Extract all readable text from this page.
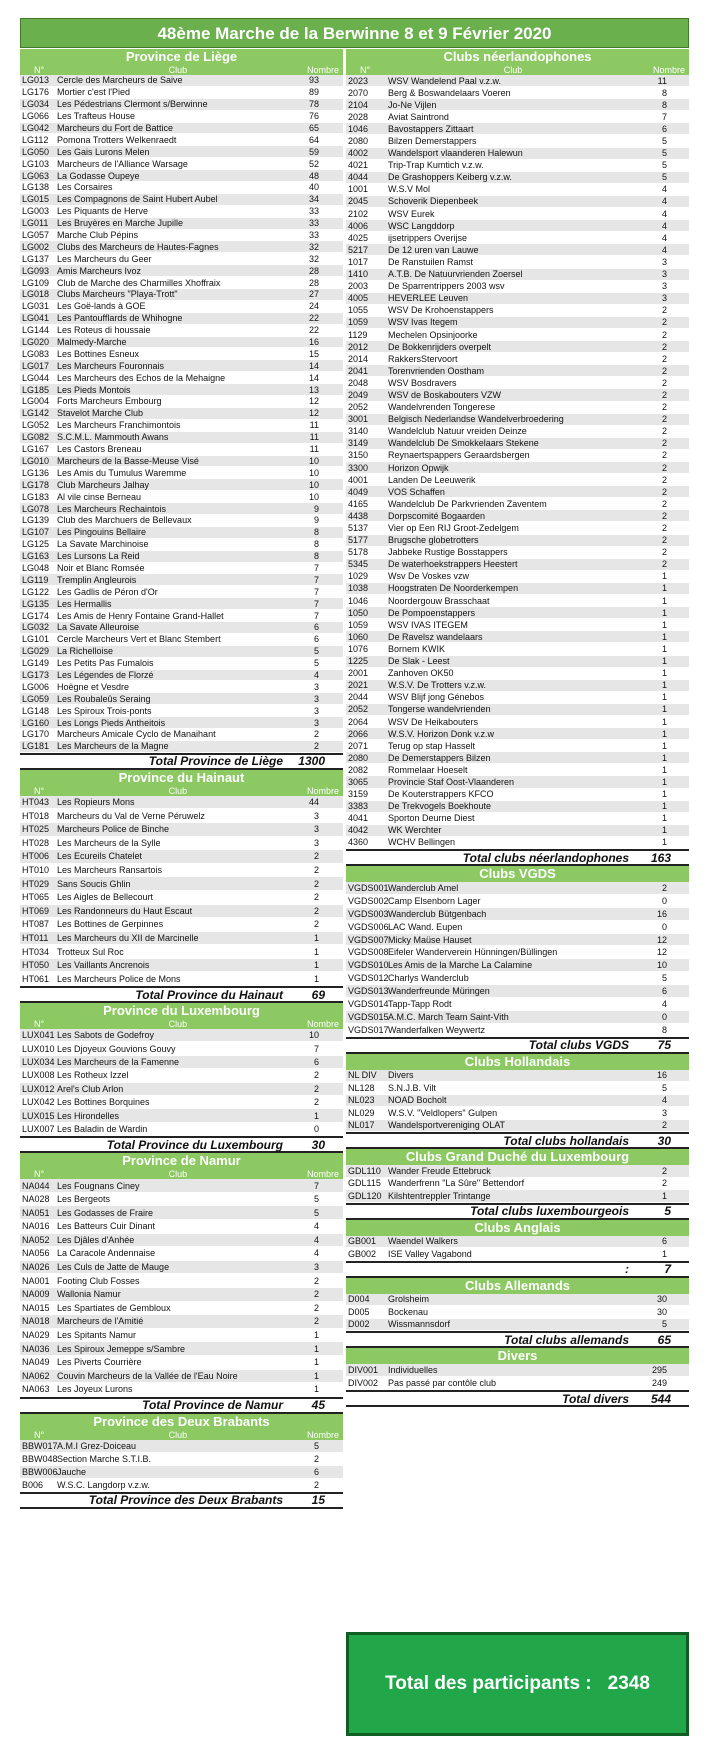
48ème Marche de la Berwinne 8 et 9 Février 2020
Province de Liège
N°	Club	Nombre
LG013 Cercle des Marcheurs de Saive	93
LG176 Mortier c'est l'Pied	89
LG034 Les Pédestrians Clermont s/Berwinne	78
LG066 Les Trafteus House	76
LG042 Marcheurs du Fort de Battice	65
LG112 Pomona Trotters Welkenraedt	64
LG050 Les Gais Lurons Melen	59
LG103 Marcheurs de l'Alliance Warsage	52
LG063 La Godasse Oupeye	48
LG138 Les Corsaires	40
LG015 Les Compagnons de Saint Hubert Aubel	34
LG003 Les Piquants de Herve	33
LG011 Les Bruyères en Marche Jupille	33
LG057 Marche Club Pépins	33
LG002 Clubs des Marcheurs de Hautes-Fagnes	32
LG137 Les Marcheurs du Geer	32
LG093 Amis Marcheurs Ivoz	28
LG109 Club de Marche des Charmilles Xhoffraix	28
LG018 Clubs Marcheurs "Playa-Trott"	27
LG031 Les Goë-lands à GOE	24
LG041 Les Pantoufflards de Whihogne	22
LG144 Les Roteus di houssaie	22
LG020 Malmedy-Marche	16
LG083 Les Bottines Esneux	15
LG017 Les Marcheurs Fouronnais	14
LG044 Les Marcheurs des Echos de la Mehaigne	14
LG185 Les Pieds Montois	13
LG004 Forts Marcheurs Embourg	12
LG142 Stavelot Marche Club	12
LG052 Les Marcheurs Franchimontois	11
LG082 S.C.M.L. Mammouth Awans	11
LG167 Les Castors Breneau	11
LG010 Marcheurs de la Basse-Meuse Visé	10
LG136 Les Amis du Tumulus Waremme	10
LG178 Club Marcheurs Jalhay	10
LG183 Al vile cinse Berneau	10
LG078 Les Marcheurs Rechaintois	9
LG139 Club des Marchuers de Bellevaux	9
LG107 Les Pingouins Bellaire	8
LG125 La Savate Marchinoise	8
LG163 Les Lursons La Reid	8
LG048 Noir et Blanc Romsée	7
LG119 Tremplin Angleurois	7
LG122 Les Gadlis de Péron d'Or	7
LG135 Les Hermallis	7
LG174 Les Amis de Henry Fontaine Grand-Hallet	7
LG032 La Savate Alleuroise	6
LG101 Cercle Marcheurs Vert et Blanc Stembert	6
LG029 La Richelloise	5
LG149 Les Petits Pas Fumalois	5
LG173 Les Légendes de Florzé	4
LG006 Hoëgne et Vesdre	3
LG059 Les Roubaleûs Seraing	3
LG148 Les Spiroux Trois-ponts	3
LG160 Les Longs Pieds Antheitois	3
LG170 Marcheurs Amicale Cyclo de Manaihant	2
LG181 Les Marcheurs de la Magne	2
Total Province de Liège 1300
Province du Hainaut
N°	Club	Nombre
HT043 Les Ropieurs Mons	44
HT018 Marcheurs du Val de Verne Péruwelz	3
HT025 Marcheurs Police de Binche	3
HT028 Les Marcheurs de la Sylle	3
HT006 Les Ecureils Chatelet	2
HT010 Les Marcheurs Ransartois	2
HT029 Sans Soucis Ghlin	2
HT065 Les Aigles de Bellecourt	2
HT069 Les Randonneurs du Haut Escaut	2
HT087 Les Bottines de Gerpinnes	2
HT011 Les Marcheurs du XII de Marcinelle	1
HT034 Trotteux Sul Roc	1
HT050 Les Vaillants Ancrenois	1
HT061 Les Marcheurs Police de Mons	1
Total Province du Hainaut 69
Province du Luxembourg
N°	Club	Nombre
LUX041 Les Sabots de Godefroy	10
LUX010 Les Djoyeux Gouvions Gouvy	7
LUX034 Les Marcheurs de la Famenne	6
LUX008 Les Rotheux Izzel	2
LUX012 Arel's Club Arlon	2
LUX042 Les Bottines Borquines	2
LUX015 Les Hirondelles	1
LUX007 Les Baladin de Wardin	0
Total Province du Luxembourg 30
Province de Namur
N°	Club	Nombre
NA044 Les Fougnans Ciney	7
NA028 Les Bergeots	5
NA051 Les Godasses de Fraire	5
NA016 Les Batteurs Cuir Dinant	4
NA052 Les Djâles d'Anhée	4
NA056 La Caracole Andennaise	4
NA026 Les Culs de Jatte de Mauge	3
NA001 Footing Club Fosses	2
NA009 Wallonia Namur	2
NA015 Les Spartiates de Gembloux	2
NA018 Marcheurs de l'Amitié	2
NA029 Les Spitants Namur	1
NA036 Les Spiroux Jemeppe s/Sambre	1
NA049 Les Piverts Courrière	1
NA062 Couvin Marcheurs de la Vallée de l'Eau Noire	1
NA063 Les Joyeux Lurons	1
Total Province de Namur 45
Province des Deux Brabants
N°	Club	Nombre
BBW017 A.M.I Grez-Doiceau	5
BBW048 Section Marche S.T.I.B.	2
BBW006 Jauche	6
B006 W.S.C. Langdorp v.z.w.	2
Total Province des Deux Brabants 15
Clubs néerlandophones
N°	Club	Nombre
2023 WSV Wandelend Paal v.z.w.	11
2070 Berg & Boswandelaars Voeren	8
2104 Jo-Ne Vijlen	8
2028 Aviat Saintrond	7
1046 Bavostappers Zittaart	6
2080 Bilzen Demerstappers	5
4002 Wandelsport vlaanderen Halewun	5
4021 Trip-Trap Kumtich v.z.w.	5
4044 De Grashoppers Keiberg v.z.w.	5
1001 W.S.V Mol	4
2045 Schoverik Diepenbeek	4
2102 WSV Eurek	4
4006 WSC Langddorp	4
4025 ijsetrippers Overijse	4
5217 De 12 uren van Lauwe	4
1017 De Ranstuilen Ramst	3
1410 A.T.B. De Natuurvrienden Zoersel	3
2003 De Sparrentrippers 2003 wsv	3
4005 HEVERLEE Leuven	3
1055 WSV De Krohoenstappers	2
1059 WSV Ivas Itegem	2
1129 Mechelen Opsinjoorke	2
2012 De Bokkenrijders overpelt	2
2014 RakkersStervoort	2
2041 Torenvrienden Oostham	2
2048 WSV Bosdravers	2
2049 WSV de Boskabouters VZW	2
2052 Wandelvrenden Tongerese	2
3001 Belgisch Nederlandse Wandelverbroedering	2
3140 Wandelclub Natuur vreiden Deinze	2
3149 Wandelclub De Smokkelaars Stekene	2
3150 Reynaertspappers Geraardsbergen	2
3300 Horizon Opwijk	2
4001 Landen De Leeuwerik	2
4049 VOS Schaffen	2
4165 Wandelclub De Parkvrienden Zaventem	2
4438 Dorpscomité Bogaarden	2
5137 Vier op Een RIJ Groot-Zedelgem	2
5177 Brugsche globetrotters	2
5178 Jabbeke Rustige Bosstappers	2
5345 De waterhoekstrappers Heestert	2
1029 Wsv De Voskes vzw	1
1038 Hoogstraten De Noorderkempen	1
1046 Noordergouw Brasschaat	1
1050 De Pompoenstappers	1
1059 WSV IVAS ITEGEM	1
1060 De Ravelsz wandelaars	1
1076 Bornem KWIK	1
1225 De Slak - Leest	1
2001 Zanhoven OK50	1
2021 W.S.V. De Trotters v.z.w.	1
2044 WSV Blijf jong Génebos	1
2052 Tongerse wandelvrienden	1
2064 WSV De Heikabouters	1
2066 W.S.V. Horizon Donk v.z.w	1
2071 Terug op stap Hasselt	1
2080 De Demerstappers Bilzen	1
2082 Rommelaar Hoeselt	1
3065 Provincie Staf Oost-Vlaanderen	1
3159 De Kouterstrappers KFCO	1
3383 De Trekvogels Boekhoute	1
4041 Sporton Deurne Diest	1
4042 WK Werchter	1
4360 WCHV Bellingen	1
Total clubs néerlandophones 163
Clubs VGDS
VGDS001 Wanderclub Amel	2
VGDS002 Camp Elsenborn Lager	0
VGDS003 Wanderclub Bütgenbach	16
VGDS006 LAC Wand. Eupen	0
VGDS007 Micky Maüse Hauset	12
VGDS008 Eifeler Wanderverein Hünningen/Büllingen	12
VGDS010 Les Amis de la Marche La Calamine	10
VGDS012 Charlys Wanderclub	5
VGDS013 Wanderfreunde Müringen	6
VGDS014 Tapp-Tapp Rodt	4
VGDS015 A.M.C. March Team Saint-Vith	0
VGDS017 Wanderfalken Weywertz	8
Total clubs VGDS 75
Clubs Hollandais
NL DIV Divers	16
NL128 S.N.J.B. Vilt	5
NL023 NOAD Bocholt	4
NL029 W.S.V. "Veldlopers" Gulpen	3
NL017 Wandelsportvereniging OLAT	2
Total clubs hollandais 30
Clubs Grand Duché du Luxembourg
GDL110 Wander Freude Ettebruck	2
GDL115 Wanderfrenn "La Sûre" Bettendorf	2
GDL120 Kilshtentreppler Trintange	1
Total clubs luxembourgeois	5
Clubs Anglais
GB001 Waendel Walkers	6
GB002 ISE Valley Vagabond	1
:	7
Clubs Allemands
D004 Grolsheim	30
D005 Bockenau	30
D002 Wissmannsdorf	5
Total clubs allemands 65
Divers
DIV001 Individuelles	295
DIV002 Pas passé par contôle club	249
Total divers 544
Total des participants : 2348
